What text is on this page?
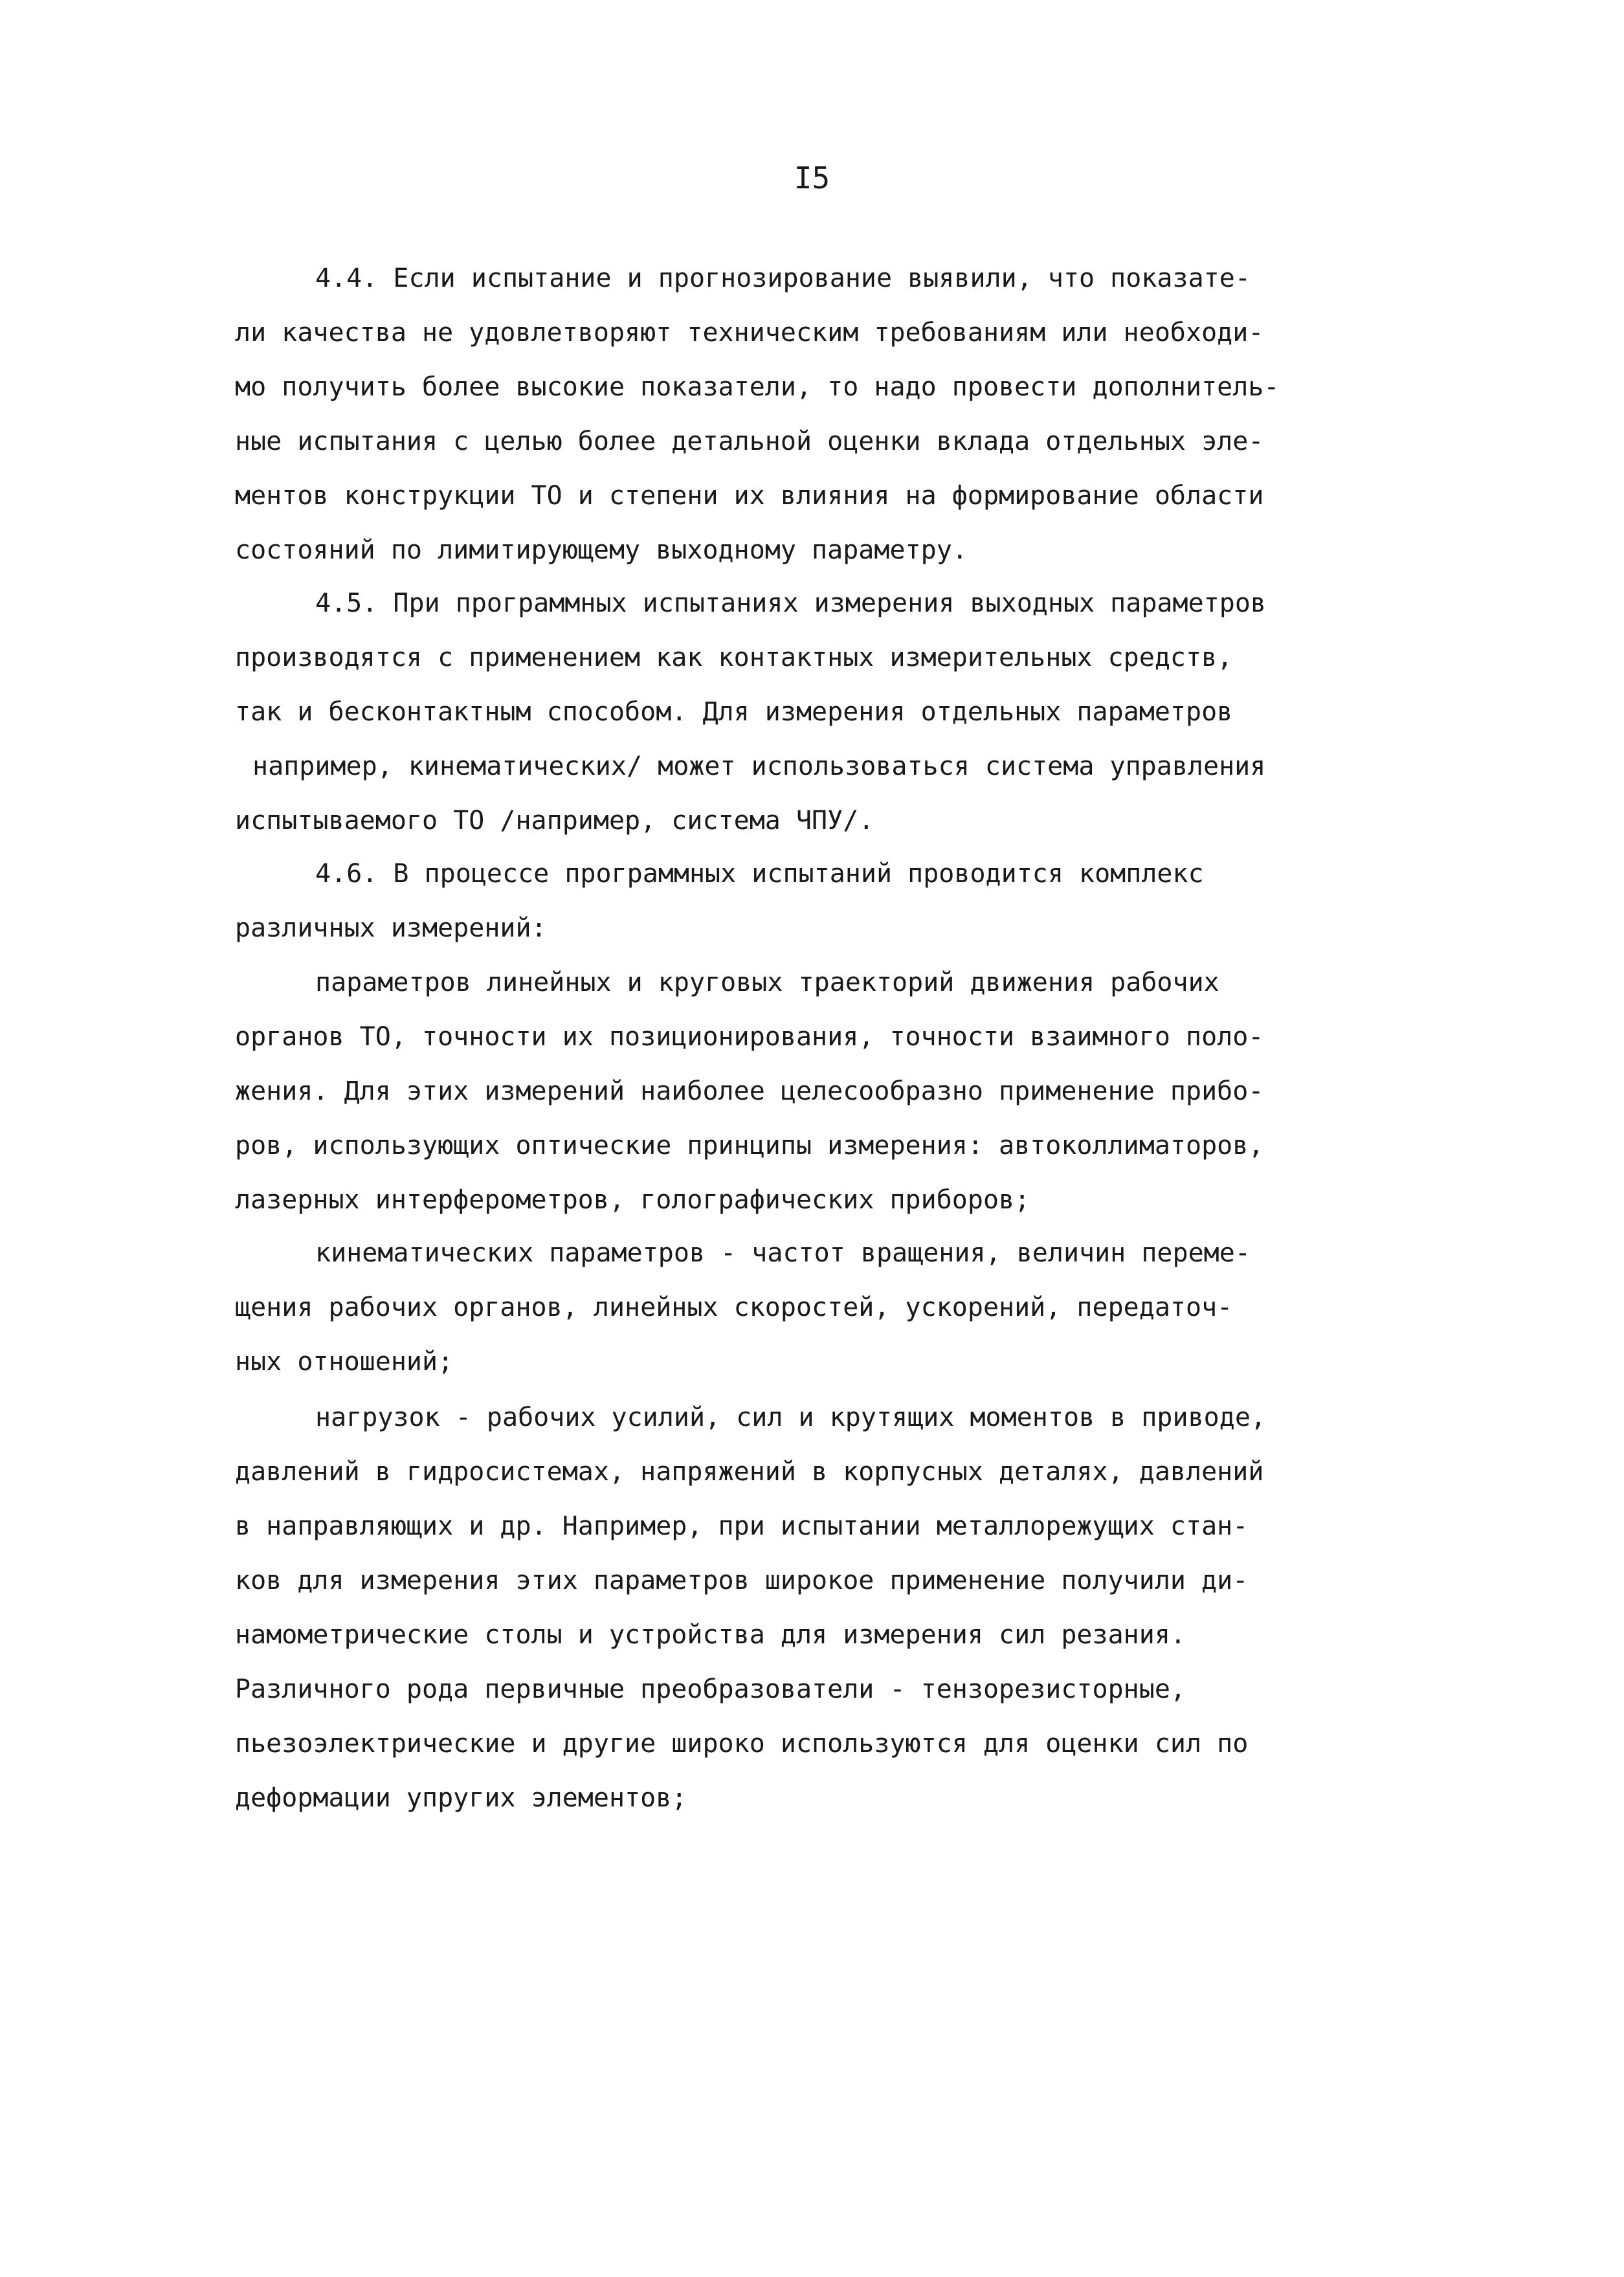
I5
4.4. Если испытание и прогнозирование выявили, что показате-
ли качества не удовлетворяют техническим требованиям или необходи-
мо получить более высокие показатели, то надо провести дополнитель-
ные испытания с целью более детальной оценки вклада отдельных эле-
ментов конструкции ТО и степени их влияния на формирование области
состояний по лимитирующему выходному параметру.
4.5. При программных испытаниях измерения выходных параметров
производятся с применением как контактных измерительных средств,
так и бесконтактным способом. Для измерения отдельных параметров
например, кинематических/ может использоваться система управления
испытываемого ТО /например, система ЧПУ/.
4.6. В процессе программных испытаний проводится комплекс
различных измерений:
параметров линейных и круговых траекторий движения рабочих
органов ТО, точности их позиционирования, точности взаимного поло-
жения. Для этих измерений наиболее целесообразно применение прибо-
ров, использующих оптические принципы измерения: автоколлиматоров,
лазерных интерферометров, голографических приборов;
кинематических параметров - частот вращения, величин переме-
щения рабочих органов, линейных скоростей, ускорений, передаточ-
ных отношений;
нагрузок - рабочих усилий, сил и крутящих моментов в приводе,
давлений в гидросистемах, напряжений в корпусных деталях, давлений
в направляющих и др. Например, при испытании металлорежущих стан-
ков для измерения этих параметров широкое применение получили ди-
намометрические столы и устройства для измерения сил резания.
Различного рода первичные преобразователи - тензорезисторные,
пьезоэлектрические и другие широко используются для оценки сил по
деформации упругих элементов;
